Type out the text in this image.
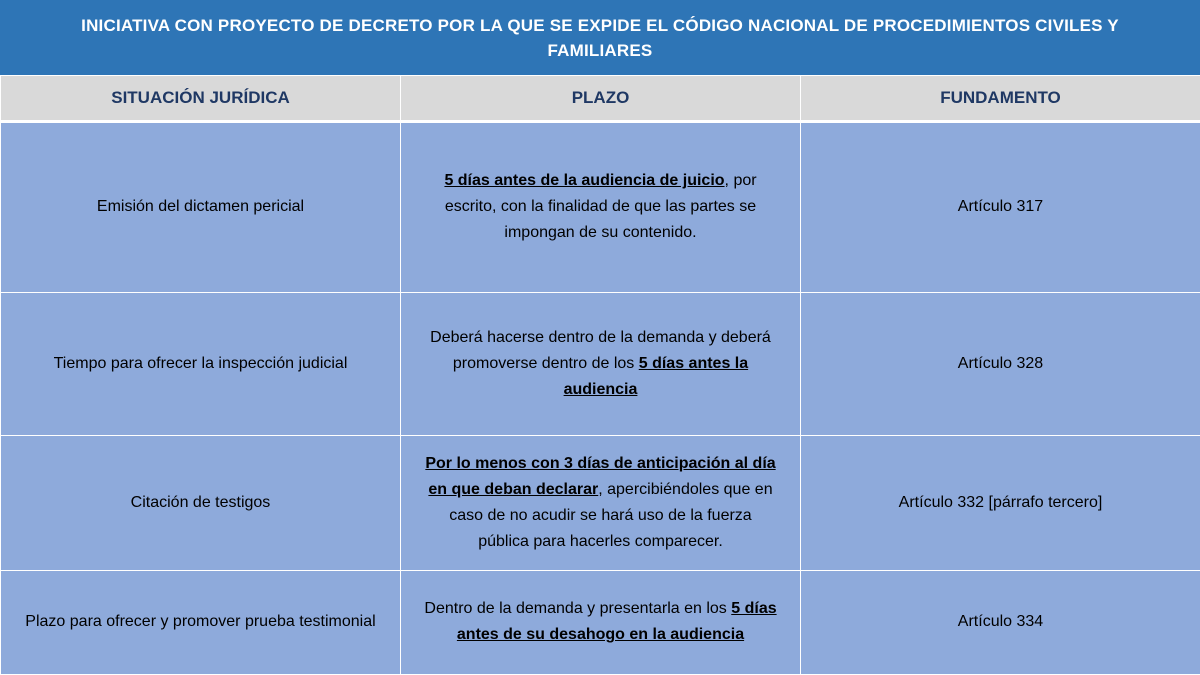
INICIATIVA CON PROYECTO DE DECRETO POR LA QUE SE EXPIDE EL CÓDIGO NACIONAL DE PROCEDIMIENTOS CIVILES Y FAMILIARES
SITUACIÓN JURÍDICA	PLAZO	FUNDAMENTO
Emisión del dictamen pericial	5 días antes de la audiencia de juicio, por escrito, con la finalidad de que las partes se impongan de su contenido.	Artículo 317
Tiempo para ofrecer la inspección judicial	Deberá hacerse dentro de la demanda y deberá promoverse dentro de los 5 días antes la audiencia	Artículo 328
Citación de testigos	Por lo menos con 3 días de anticipación al día en que deban declarar, apercibiéndoles que en caso de no acudir se hará uso de la fuerza pública para hacerles comparecer.	Artículo 332 [párrafo tercero]
Plazo para ofrecer y promover prueba testimonial	Dentro de la demanda y presentarla en los 5 días antes de su desahogo en la audiencia	Artículo 334
